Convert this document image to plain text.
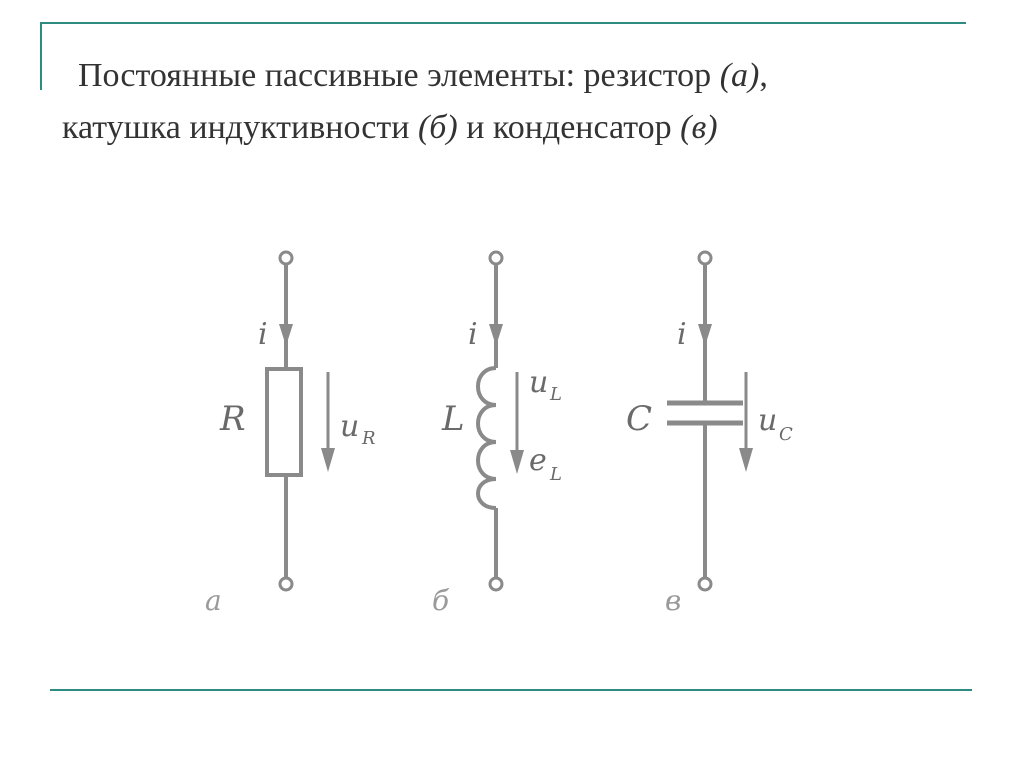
Постоянные пассивные элементы: резистор (а),
катушка индуктивности (б) и конденсатор (в)
i
R	u R
а
i
L
u L
e L
б
i
C	u C
в
